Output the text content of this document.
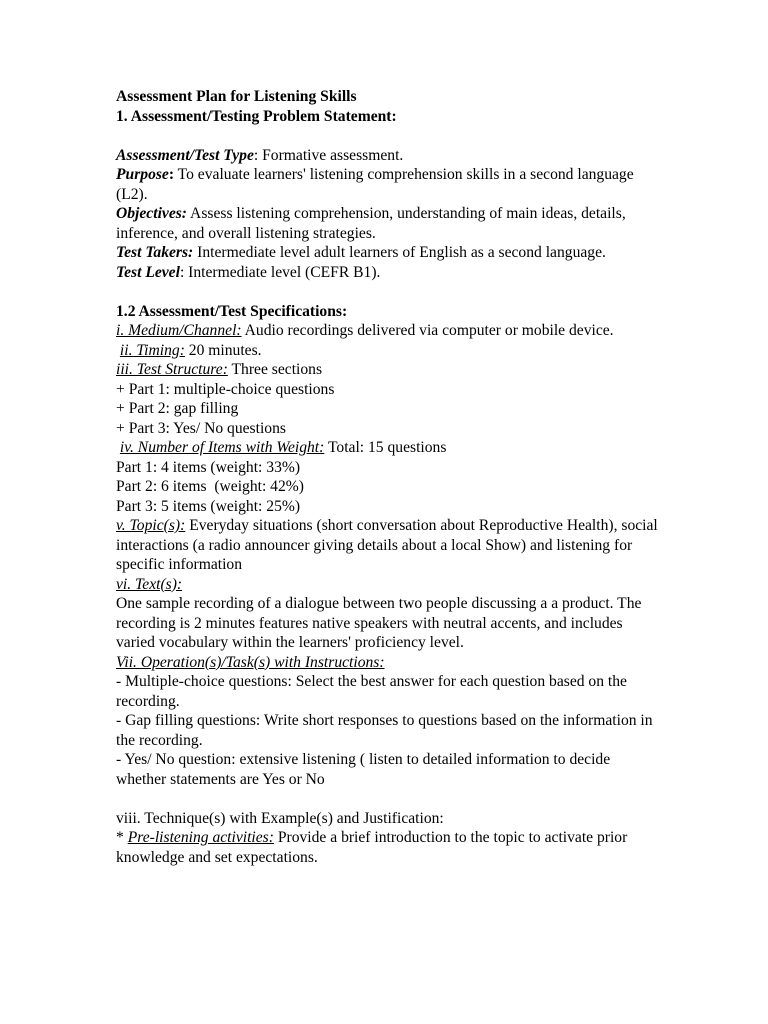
Assessment Plan for Listening Skills
1. Assessment/Testing Problem Statement:
Assessment/Test Type: Formative assessment.
Purpose: To evaluate learners' listening comprehension skills in a second language (L2).
Objectives: Assess listening comprehension, understanding of main ideas, details, inference, and overall listening strategies.
Test Takers: Intermediate level adult learners of English as a second language.
Test Level: Intermediate level (CEFR B1).
1.2 Assessment/Test Specifications:
i. Medium/Channel: Audio recordings delivered via computer or mobile device.
ii. Timing: 20 minutes.
iii. Test Structure: Three sections
+ Part 1: multiple-choice questions
+ Part 2: gap filling
+ Part 3: Yes/ No questions
iv. Number of Items with Weight: Total: 15 questions
Part 1: 4 items (weight: 33%)
Part 2: 6 items  (weight: 42%)
Part 3: 5 items (weight: 25%)
v. Topic(s): Everyday situations (short conversation about Reproductive Health), social interactions (a radio announcer giving details about a local Show) and listening for specific information
vi. Text(s):
One sample recording of a dialogue between two people discussing a a product. The recording is 2 minutes features native speakers with neutral accents, and includes varied vocabulary within the learners' proficiency level.
Vii. Operation(s)/Task(s) with Instructions:
- Multiple-choice questions: Select the best answer for each question based on the recording.
- Gap filling questions: Write short responses to questions based on the information in the recording.
- Yes/ No question: extensive listening ( listen to detailed information to decide whether statements are Yes or No
viii. Technique(s) with Example(s) and Justification:
* Pre-listening activities: Provide a brief introduction to the topic to activate prior knowledge and set expectations.
